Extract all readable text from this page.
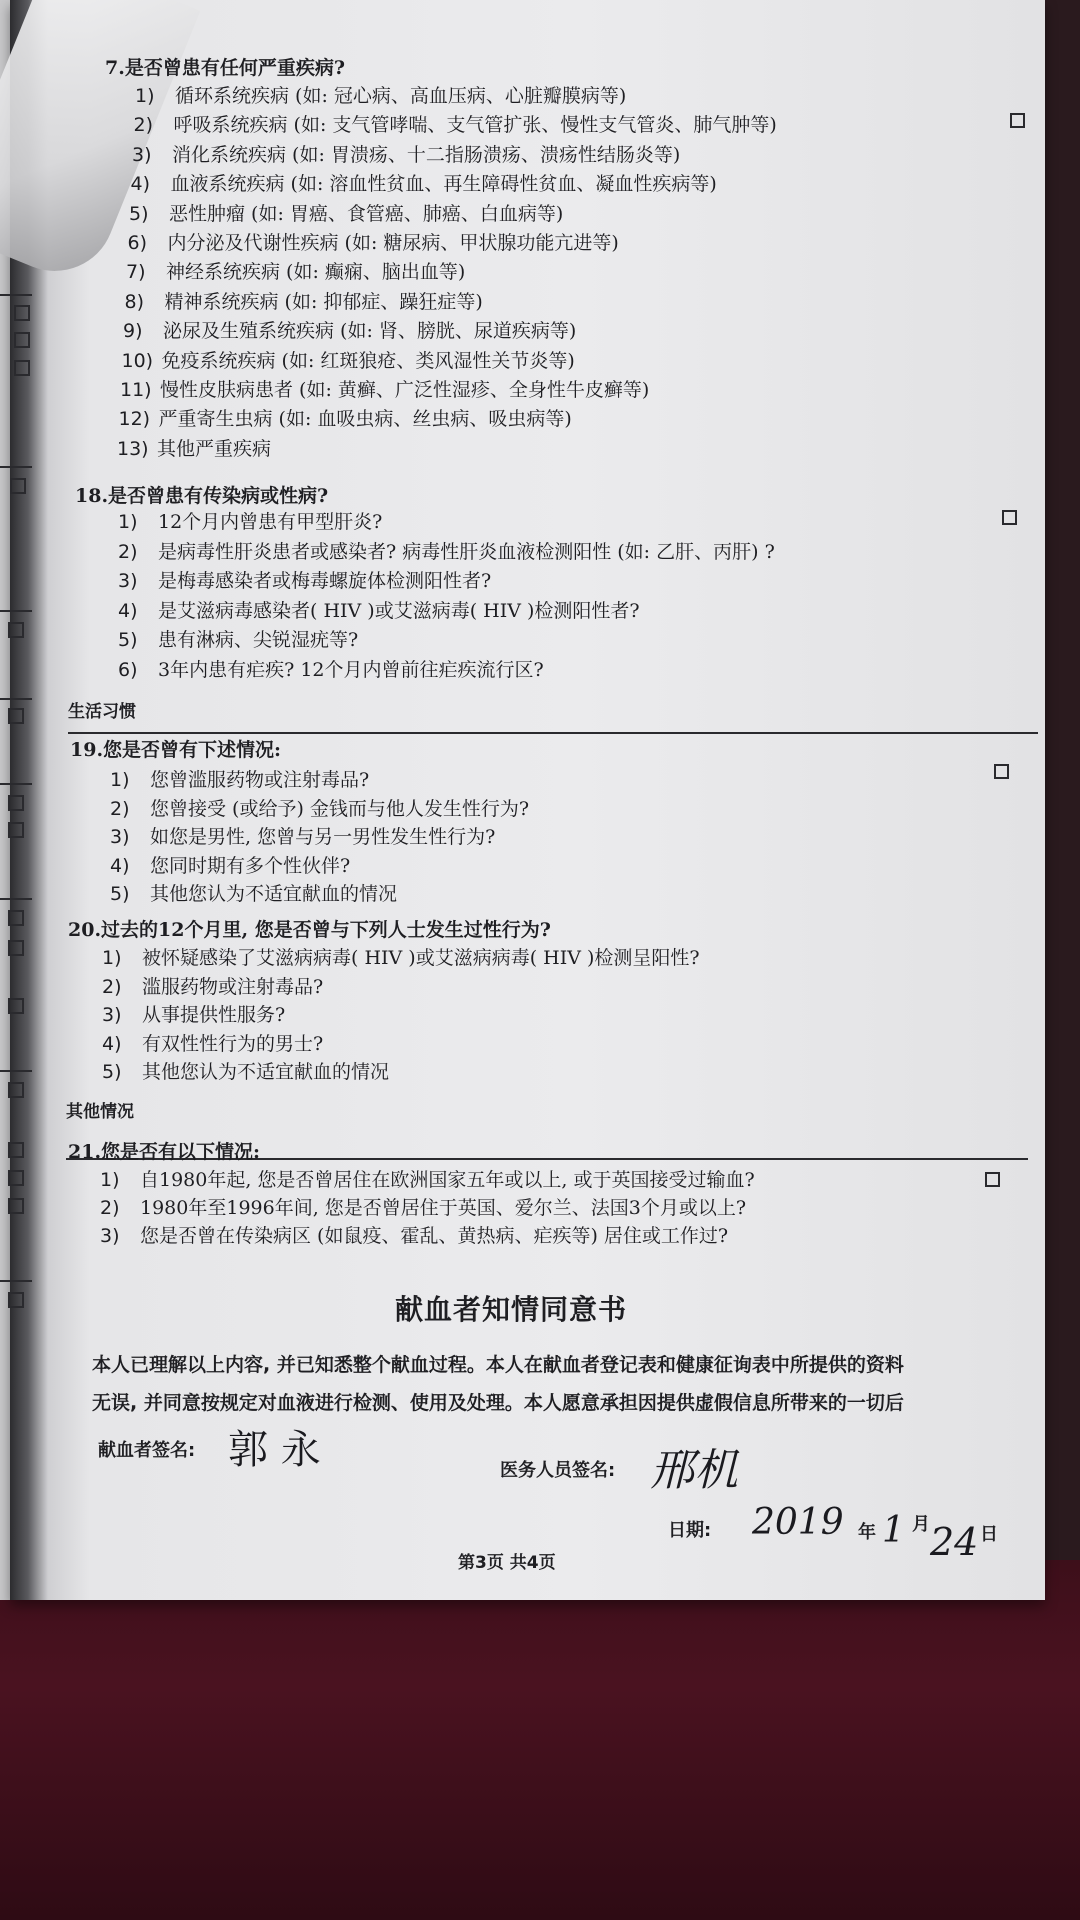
7.是否曾患有任何严重疾病?
1) 循环系统疾病 (如: 冠心病、高血压病、心脏瓣膜病等)
2) 呼吸系统疾病 (如: 支气管哮喘、支气管扩张、慢性支气管炎、肺气肿等)
3) 消化系统疾病 (如: 胃溃疡、十二指肠溃疡、溃疡性结肠炎等)
4) 血液系统疾病 (如: 溶血性贫血、再生障碍性贫血、凝血性疾病等)
5) 恶性肿瘤 (如: 胃癌、食管癌、肺癌、白血病等)
6) 内分泌及代谢性疾病 (如: 糖尿病、甲状腺功能亢进等)
7) 神经系统疾病 (如: 癫痫、脑出血等)
8) 精神系统疾病 (如: 抑郁症、躁狂症等)
9) 泌尿及生殖系统疾病 (如: 肾、膀胱、尿道疾病等)
10) 免疫系统疾病 (如: 红斑狼疮、类风湿性关节炎等)
11) 慢性皮肤病患者 (如: 黄癣、广泛性湿疹、全身性牛皮癣等)
12) 严重寄生虫病 (如: 血吸虫病、丝虫病、吸虫病等)
13) 其他严重疾病
18.是否曾患有传染病或性病?
1) 12个月内曾患有甲型肝炎?
2) 是病毒性肝炎患者或感染者? 病毒性肝炎血液检测阳性 (如: 乙肝、丙肝) ?
3) 是梅毒感染者或梅毒螺旋体检测阳性者?
4) 是艾滋病毒感染者( HIV )或艾滋病毒( HIV )检测阳性者?
5) 患有淋病、尖锐湿疣等?
6) 3年内患有疟疾? 12个月内曾前往疟疾流行区?
生活习惯
19.您是否曾有下述情况:
1) 您曾滥服药物或注射毒品?
2) 您曾接受 (或给予) 金钱而与他人发生性行为?
3) 如您是男性, 您曾与另一男性发生性行为?
4) 您同时期有多个性伙伴?
5) 其他您认为不适宜献血的情况
20.过去的12个月里, 您是否曾与下列人士发生过性行为?
1) 被怀疑感染了艾滋病病毒( HIV )或艾滋病病毒( HIV )检测呈阳性?
2) 滥服药物或注射毒品?
3) 从事提供性服务?
4) 有双性性行为的男士?
5) 其他您认为不适宜献血的情况
其他情况
21.您是否有以下情况:
1) 自1980年起, 您是否曾居住在欧洲国家五年或以上, 或于英国接受过输血?
2) 1980年至1996年间, 您是否曾居住于英国、爱尔兰、法国3个月或以上?
3) 您是否曾在传染病区 (如鼠疫、霍乱、黄热病、疟疾等) 居住或工作过?
献血者知情同意书
本人已理解以上内容, 并已知悉整个献血过程。本人在献血者登记表和健康征询表中所提供的资料
无误, 并同意按规定对血液进行检测、使用及处理。本人愿意承担因提供虚假信息所带来的一切后
献血者签名: 郭 永	医务人员签名: 邢机
日期: 2019 年 1 月 24 日
第3页 共4页
